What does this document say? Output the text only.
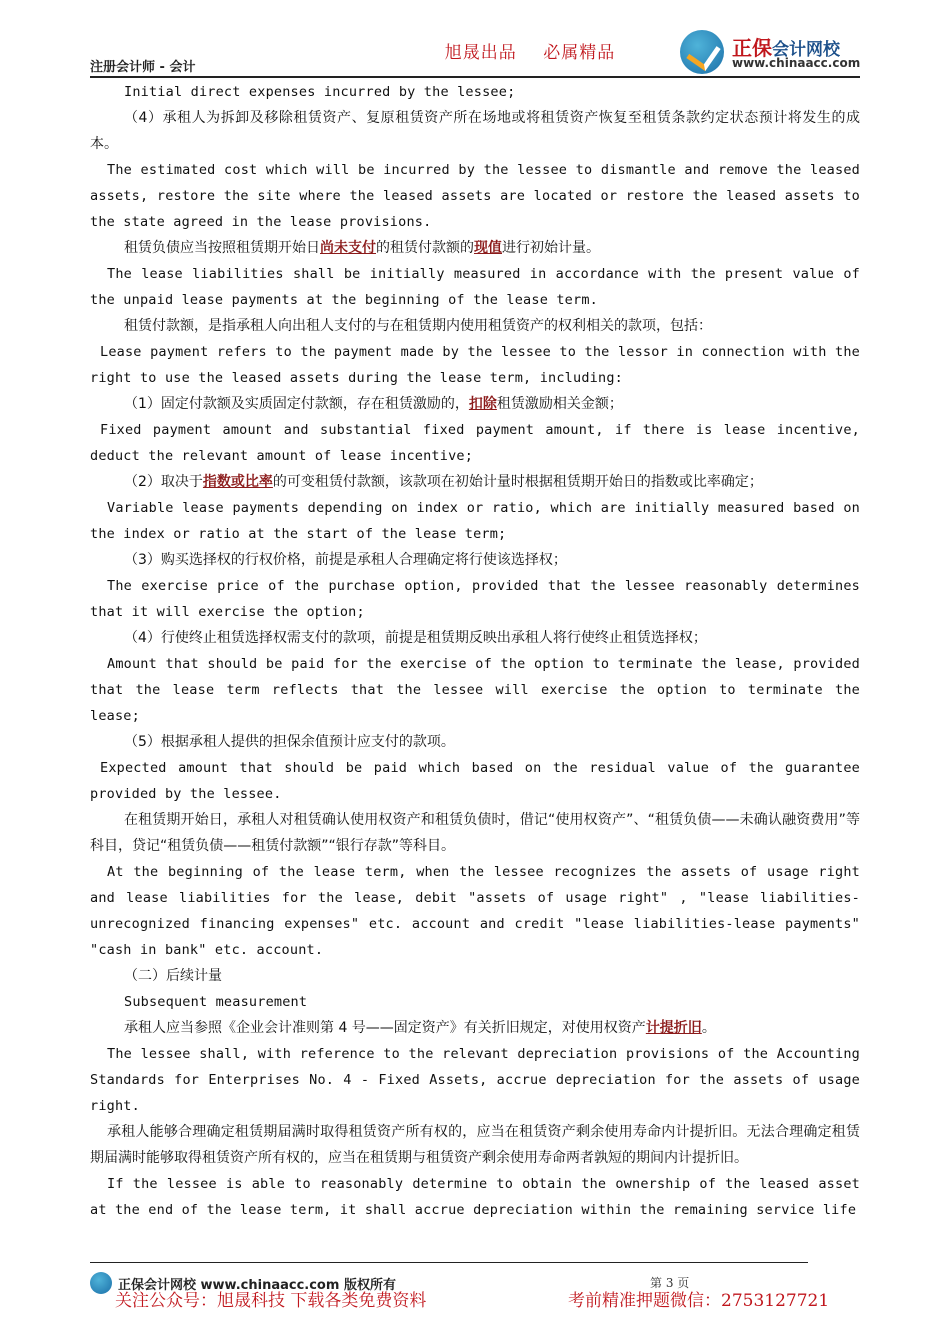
注册会计师 - 会计
旭晟出品 必属精品	正保会计网校
www.chinaacc.com

Initial direct expenses incurred by the lessee;

（4）承租人为拆卸及移除租赁资产、复原租赁资产所在场地或将租赁资产恢复至租赁条款约定状态预计将发生的成本。

The estimated cost which will be incurred by the lessee to dismantle and remove the leased assets, restore the site where the leased assets are located or restore the leased assets to the state agreed in the lease provisions.

租赁负债应当按照租赁期开始日尚未支付的租赁付款额的现值进行初始计量。

The lease liabilities shall be initially measured in accordance with the present value of the unpaid lease payments at the beginning of the lease term.

租赁付款额，是指承租人向出租人支付的与在租赁期内使用租赁资产的权利相关的款项，包括：

Lease payment refers to the payment made by the lessee to the lessor in connection with the right to use the leased assets during the lease term, including:

（1）固定付款额及实质固定付款额，存在租赁激励的，扣除租赁激励相关金额；

Fixed payment amount and substantial fixed payment amount, if there is lease incentive, deduct the relevant amount of lease incentive;

（2）取决于指数或比率的可变租赁付款额，该款项在初始计量时根据租赁期开始日的指数或比率确定；

Variable lease payments depending on index or ratio, which are initially measured based on the index or ratio at the start of the lease term;

（3）购买选择权的行权价格，前提是承租人合理确定将行使该选择权；

The exercise price of the purchase option, provided that the lessee reasonably determines that it will exercise the option;

（4）行使终止租赁选择权需支付的款项，前提是租赁期反映出承租人将行使终止租赁选择权；

Amount that should be paid for the exercise of the option to terminate the lease, provided that the lease term reflects that the lessee will exercise the option to terminate the lease;

（5）根据承租人提供的担保余值预计应支付的款项。

Expected amount that should be paid which based on the residual value of the guarantee provided by the lessee.

在租赁期开始日，承租人对租赁确认使用权资产和租赁负债时，借记“使用权资产”、“租赁负债——未确认融资费用”等科目，贷记“租赁负债——租赁付款额”“银行存款”等科目。

At the beginning of the lease term, when the lessee recognizes the assets of usage right and lease liabilities for the lease, debit "assets of usage right" , "lease liabilities-unrecognized financing expenses" etc. account and credit "lease liabilities-lease payments" "cash in bank" etc. account.

（二）后续计量

Subsequent measurement

承租人应当参照《企业会计准则第 4 号——固定资产》有关折旧规定，对使用权资产计提折旧。

The lessee shall, with reference to the relevant depreciation provisions of the Accounting Standards for Enterprises No. 4 - Fixed Assets, accrue depreciation for the assets of usage right.

承租人能够合理确定租赁期届满时取得租赁资产所有权的，应当在租赁资产剩余使用寿命内计提折旧。无法合理确定租赁期届满时能够取得租赁资产所有权的，应当在租赁期与租赁资产剩余使用寿命两者孰短的期间内计提折旧。

If the lessee is able to reasonably determine to obtain the ownership of the leased asset at the end of the lease term, it shall accrue depreciation within the remaining service life

正保会计网校 www.chinaacc.com 版权所有	第 3 页
关注公众号：旭晟科技 下载各类免费资料	考前精准押题微信：2753127721
